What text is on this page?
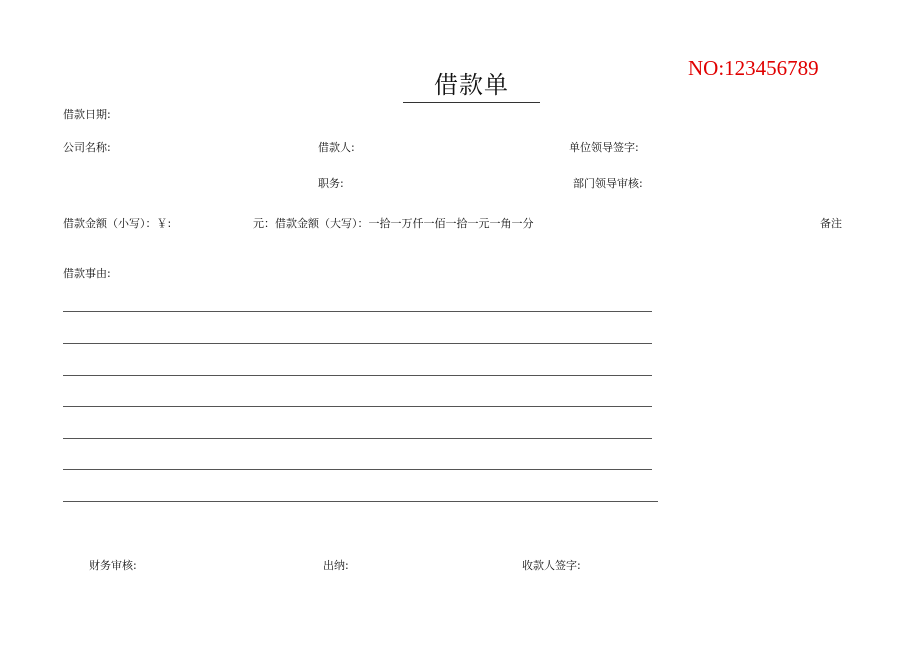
借款单
NO:123456789
借款日期:
公司名称:	借款人:	单位领导签字:
职务:	部门领导审核:
借款金额（小写）：￥:	元：借款金额（大写）：一拾一万仟一佰一拾一元一角一分	备注
借款事由:
财务审核:	出纳:	收款人签字:
